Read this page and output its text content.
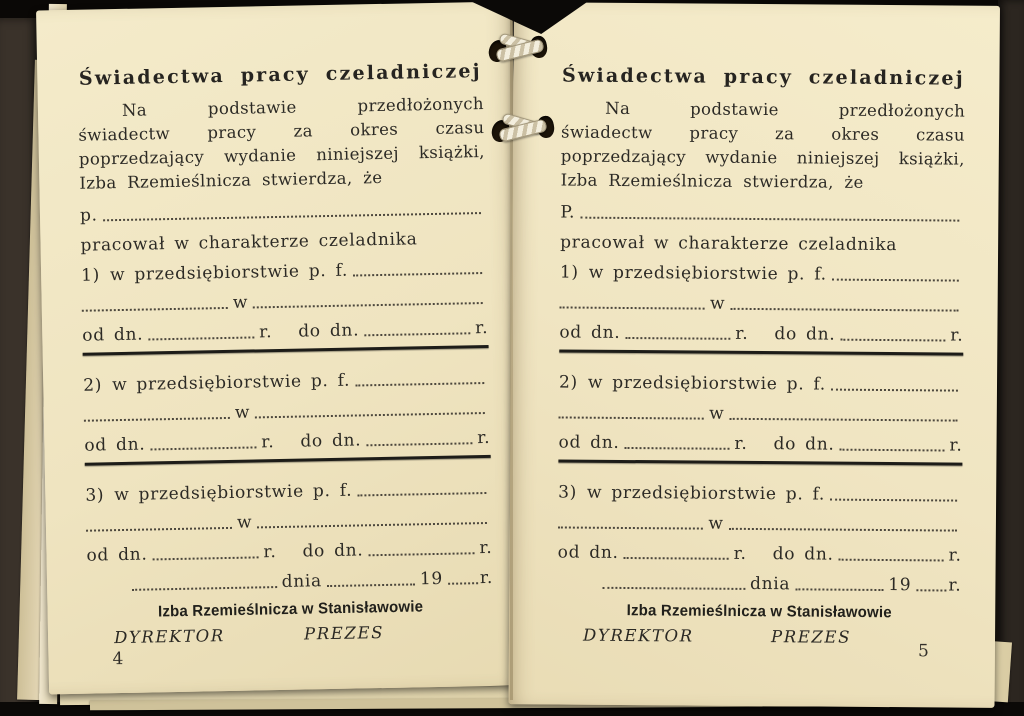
Świadectwa pracy czeladniczej

Na podstawie przedłożonych świadectw pracy za okres czasu poprzedzający wydanie niniejszej książki, Izba Rzemieślnicza stwierdza, że

p.
pracował w charakterze czeladnika
1) w przedsiębiorstwie p. f.
w
od dn.	r. do dn.	r.
2) w przedsiębiorstwie p. f.
w
od dn.	r. do dn.	r.
3) w przedsiębiorstwie p. f.
w
od dn.	r. do dn.	r.
dnia	19 r.
Izba Rzemieślnicza w Stanisławowie
DYREKTOR	PREZES
4
Świadectwa pracy czeladniczej

Na podstawie przedłożonych świadectw pracy za okres czasu poprzedzający wydanie niniejszej książki, Izba Rzemieślnicza stwierdza, że

P.
pracował w charakterze czeladnika
1) w przedsiębiorstwie p. f.
w
od dn.	r. do dn.	r.
2) w przedsiębiorstwie p. f.
w
od dn.	r. do dn.	r.
3) w przedsiębiorstwie p. f.
w
od dn.	r. do dn.	r.
dnia	19 r.
Izba Rzemieślnicza w Stanisławowie
DYREKTOR	PREZES
5
